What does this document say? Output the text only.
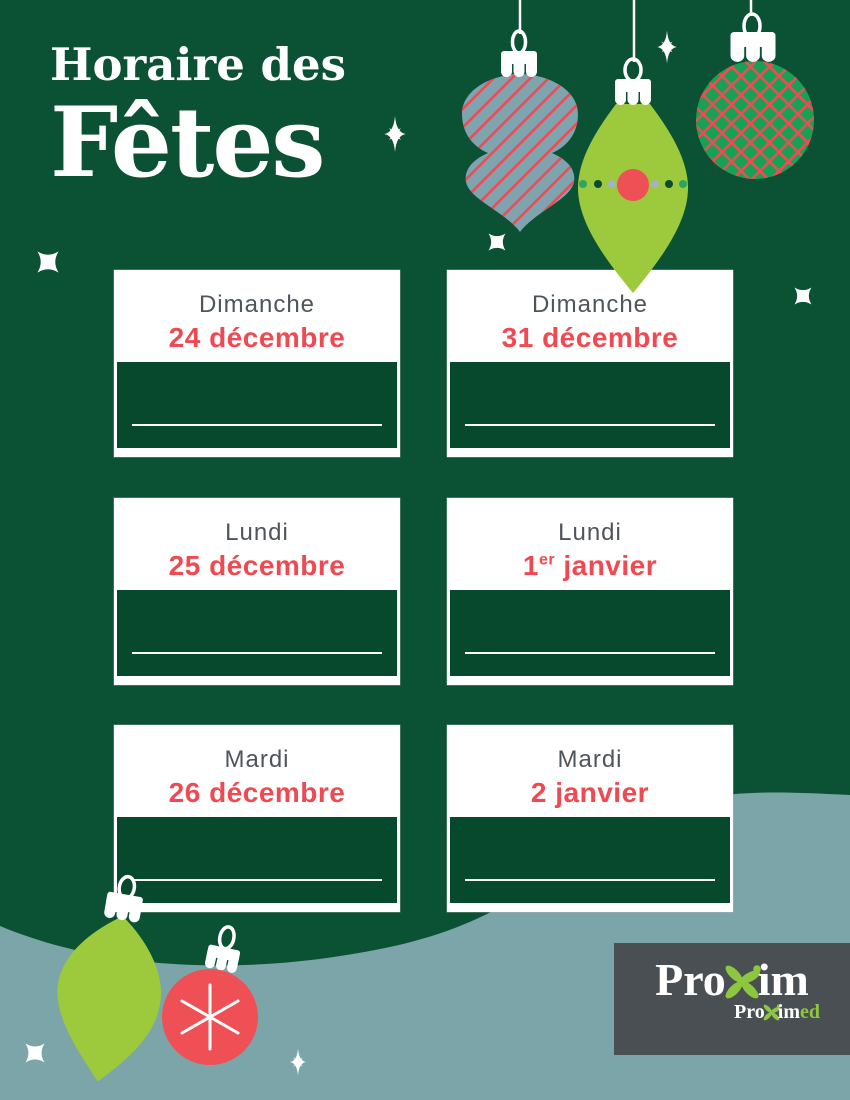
Horaire des
Fêtes
Dimanche
24 décembre
Dimanche
31 décembre
Lundi
25 décembre
Lundi
1er janvier
Mardi
26 décembre
Mardi
2 janvier
Pro im
Pro imed
